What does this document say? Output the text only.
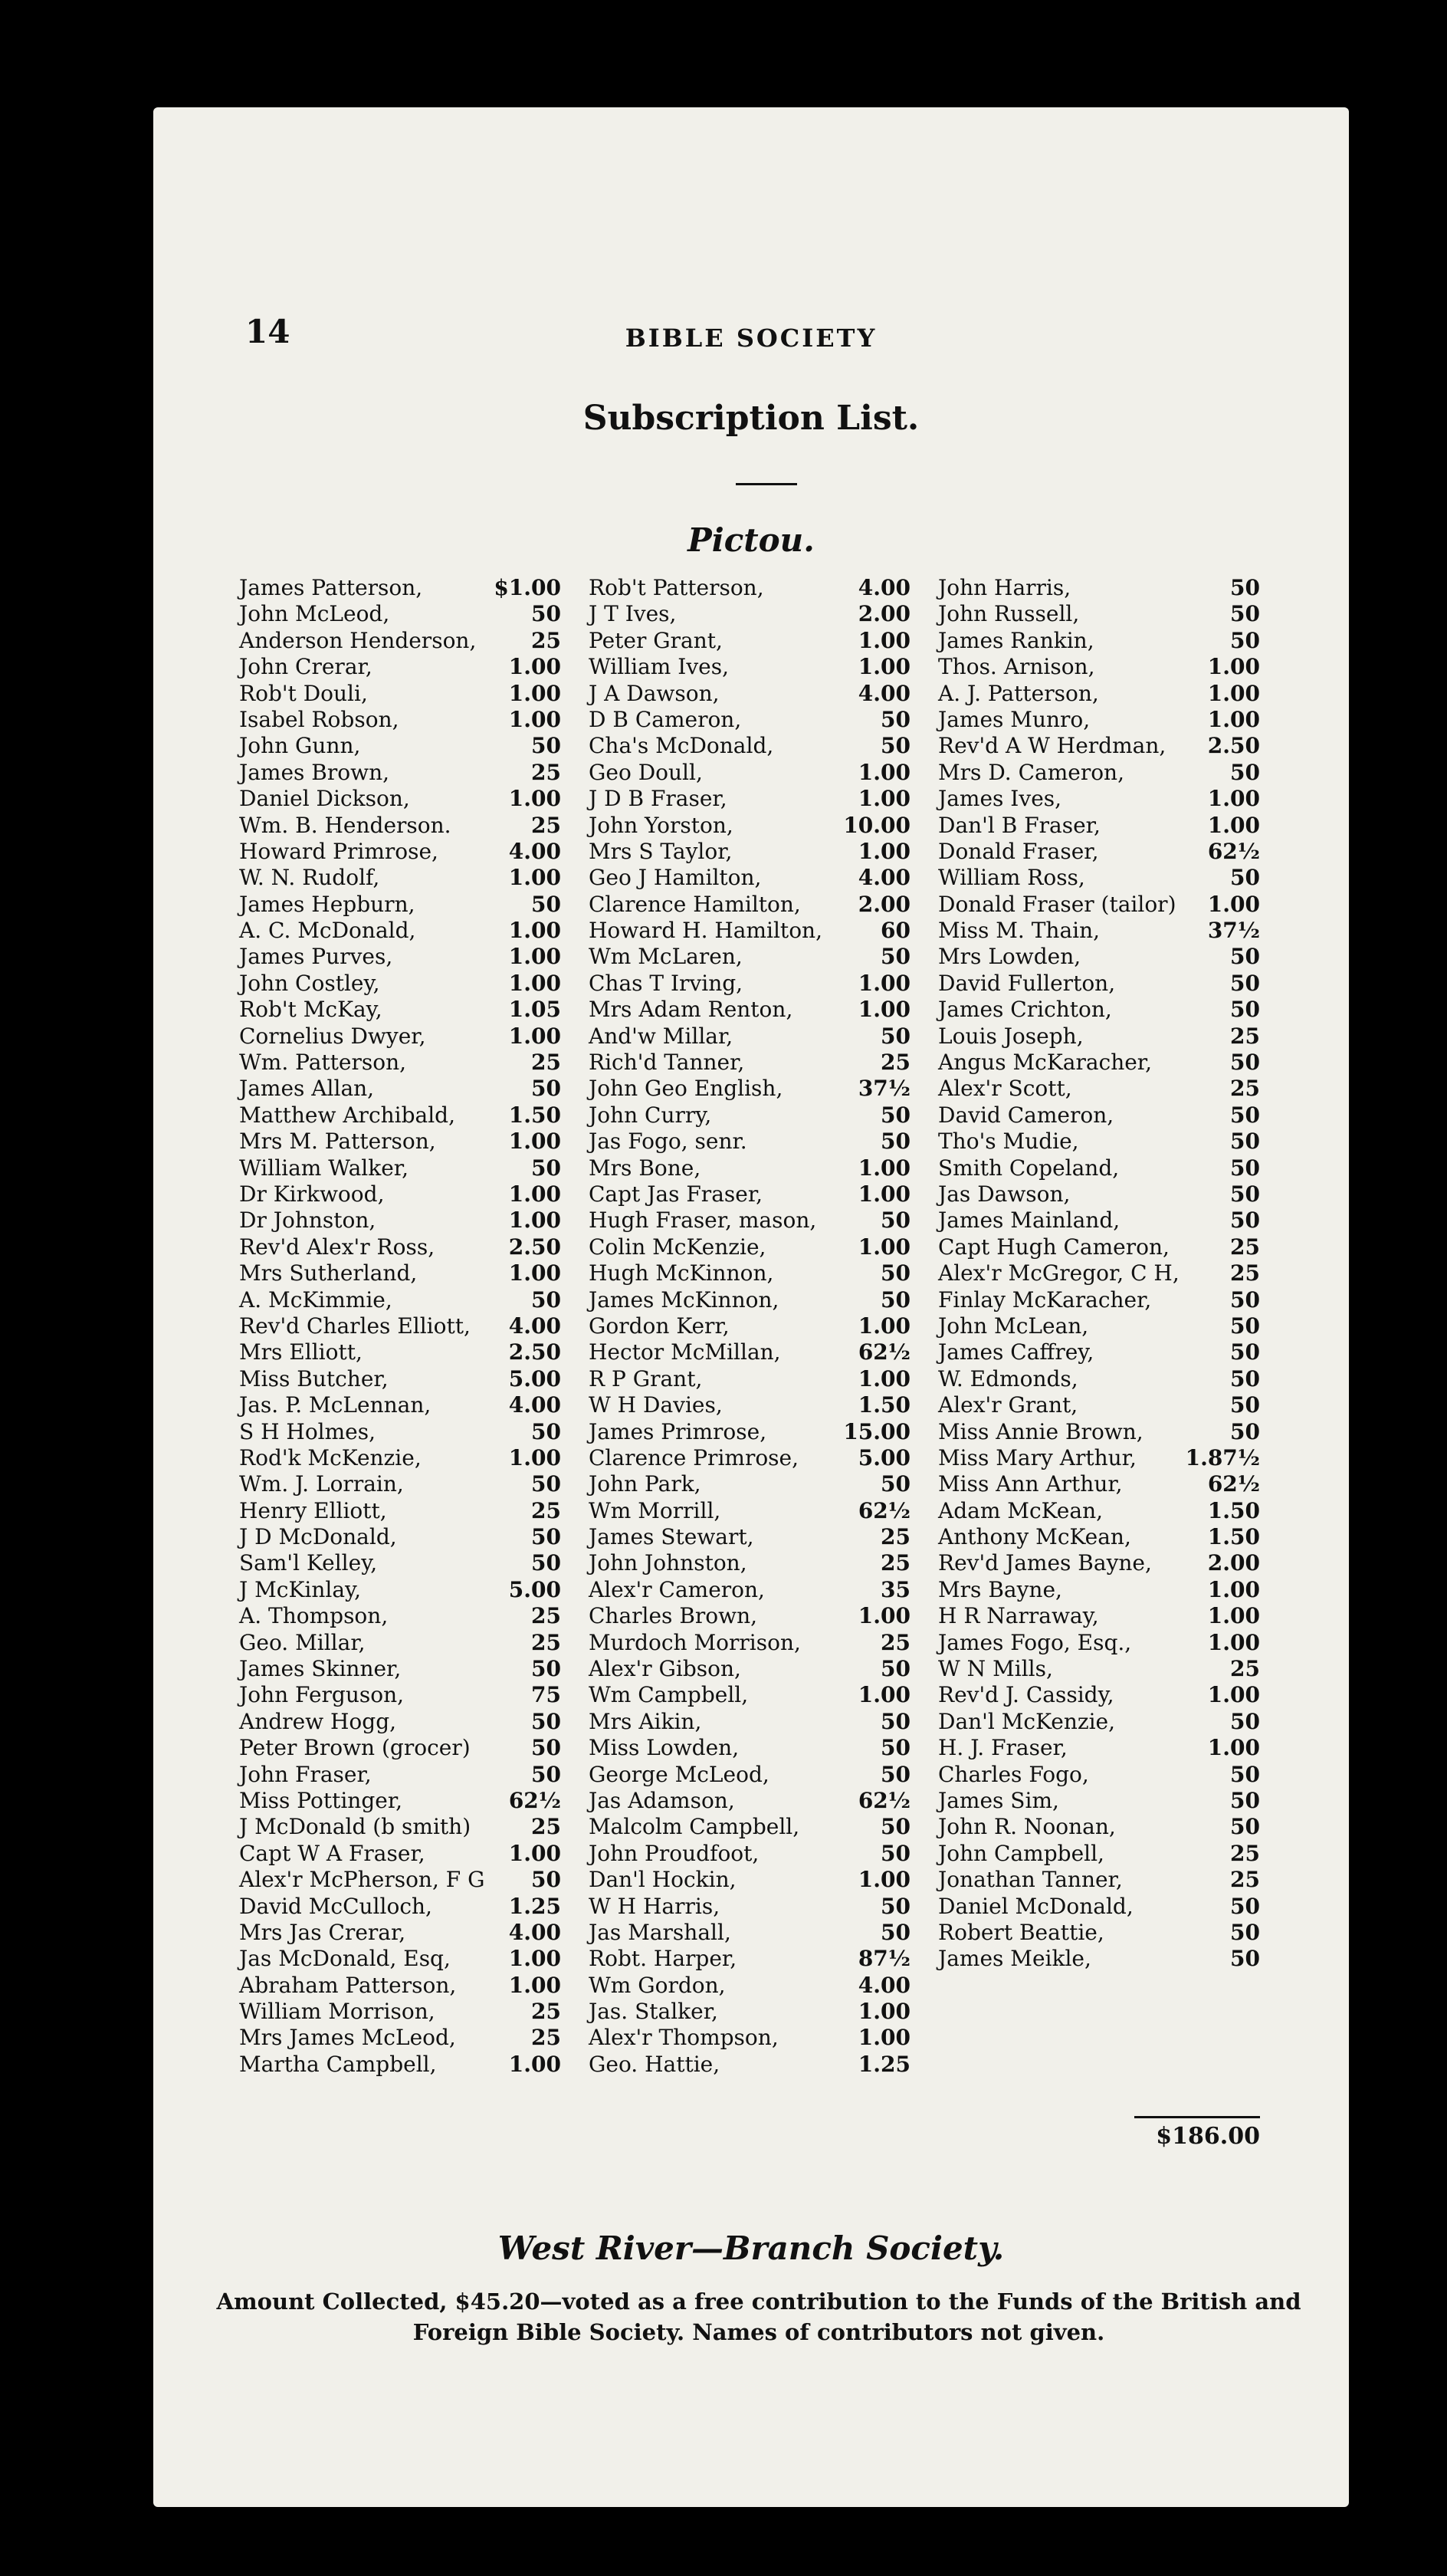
14	BIBLE SOCIETY
Subscription List.
Pictou.
James Patterson,	$1.00
John McLeod,	50
Anderson Henderson,	25
John Crerar,	1.00
Rob't Douli,	1.00
Isabel Robson,	1.00
John Gunn,	50
James Brown,	25
Daniel Dickson,	1.00
Wm. B. Henderson.	25
Howard Primrose,	4.00
W. N. Rudolf,	1.00
James Hepburn,	50
A. C. McDonald,	1.00
James Purves,	1.00
John Costley,	1.00
Rob't McKay,	1.05
Cornelius Dwyer,	1.00
Wm. Patterson,	25
James Allan,	50
Matthew Archibald, 1.50
Mrs M. Patterson,	1.00
William Walker,	50
Dr Kirkwood,	1.00
Dr Johnston,	1.00
Rev'd Alex'r Ross,	2.50
Mrs Sutherland,	1.00
A. McKimmie,	50
Rev'd Charles Elliott, 4.00
Mrs Elliott,	2.50
Miss Butcher,	5.00
Jas. P. McLennan,	4.00
S H Holmes,	50
Rod'k McKenzie,	1.00
Wm. J. Lorrain,	50
Henry Elliott,	25
J D McDonald,	50
Sam'l Kelley,	50
J McKinlay,	5.00
A. Thompson,	25
Geo. Millar,	25
James Skinner,	50
John Ferguson,	75
Andrew Hogg,	50
Peter Brown (grocer)	50
John Fraser,	50
Miss Pottinger,	62½
J McDonald (b smith)	25
Capt W A Fraser,	1.00
Alex'r McPherson, F G 50
David McCulloch,	1.25
Mrs Jas Crerar,	4.00
Jas McDonald, Esq,	1.00
Abraham Patterson, 1.00
William Morrison,	25
Mrs James McLeod,	25
Martha Campbell,	1.00
Rob't Patterson,	4.00
J T Ives,	2.00
Peter Grant,	1.00
William Ives,	1.00
J A Dawson,	4.00
D B Cameron,	50
Cha's McDonald,	50
Geo Doull,	1.00
J D B Fraser,	1.00
John Yorston,	10.00
Mrs S Taylor,	1.00
Geo J Hamilton,	4.00
Clarence Hamilton,	2.00
Howard H. Hamilton,	60
Wm McLaren,	50
Chas T Irving,	1.00
Mrs Adam Renton,	1.00
And'w Millar,	50
Rich'd Tanner,	25
John Geo English,	37½
John Curry,	50
Jas Fogo, senr.	50
Mrs Bone,	1.00
Capt Jas Fraser,	1.00
Hugh Fraser, mason,	50
Colin McKenzie,	1.00
Hugh McKinnon,	50
James McKinnon,	50
Gordon Kerr,	1.00
Hector McMillan,	62½
R P Grant,	1.00
W H Davies,	1.50
James Primrose,	15.00
Clarence Primrose,	5.00
John Park,	50
Wm Morrill,	62½
James Stewart,	25
John Johnston,	25
Alex'r Cameron,	35
Charles Brown,	1.00
Murdoch Morrison,	25
Alex'r Gibson,	50
Wm Campbell,	1.00
Mrs Aikin,	50
Miss Lowden,	50
George McLeod,	50
Jas Adamson,	62½
Malcolm Campbell,	50
John Proudfoot,	50
Dan'l Hockin,	1.00
W H Harris,	50
Jas Marshall,	50
Robt. Harper,	87½
Wm Gordon,	4.00
Jas. Stalker,	1.00
Alex'r Thompson,	1.00
Geo. Hattie,	1.25
John Harris,	50
John Russell,	50
James Rankin,	50
Thos. Arnison,	1.00
A. J. Patterson,	1.00
James Munro,	1.00
Rev'd A W Herdman, 2.50
Mrs D. Cameron,	50
James Ives,	1.00
Dan'l B Fraser,	1.00
Donald Fraser,	62½
William Ross,	50
Donald Fraser (tailor) 1.00
Miss M. Thain,	37½
Mrs Lowden,	50
David Fullerton,	50
James Crichton,	50
Louis Joseph,	25
Angus McKaracher,	50
Alex'r Scott,	25
David Cameron,	50
Tho's Mudie,	50
Smith Copeland,	50
Jas Dawson,	50
James Mainland,	50
Capt Hugh Cameron,	25
Alex'r McGregor, C H, 25
Finlay McKaracher,	50
John McLean,	50
James Caffrey,	50
W. Edmonds,	50
Alex'r Grant,	50
Miss Annie Brown,	50
Miss Mary Arthur, 1.87½
Miss Ann Arthur,	62½
Adam McKean,	1.50
Anthony McKean,	1.50
Rev'd James Bayne,	2.00
Mrs Bayne,	1.00
H R Narraway,	1.00
James Fogo, Esq.,	1.00
W N Mills,	25
Rev'd J. Cassidy,	1.00
Dan'l McKenzie,	50
H. J. Fraser,	1.00
Charles Fogo,	50
James Sim,	50
John R. Noonan,	50
John Campbell,	25
Jonathan Tanner,	25
Daniel McDonald,	50
Robert Beattie,	50
James Meikle,	50
$186.00
West River—Branch Society.
Amount Collected, $45.20—voted as a free contribution to the Funds of the British and
Foreign Bible Society. Names of contributors not given.
